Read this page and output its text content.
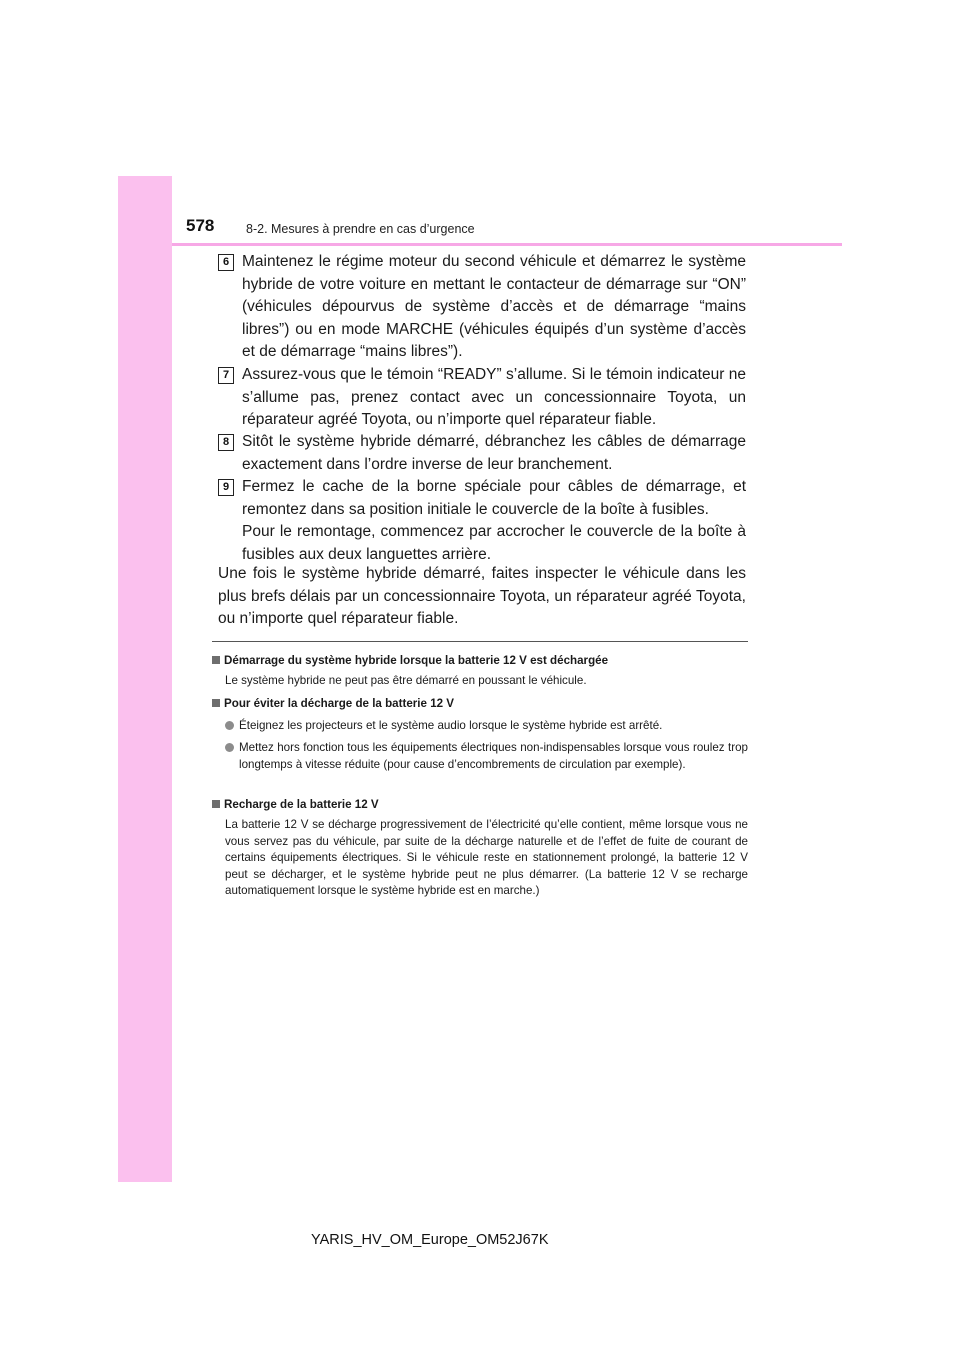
578	8-2. Mesures à prendre en cas d’urgence
6 Maintenez le régime moteur du second véhicule et démarrez le système hybride de votre voiture en mettant le contacteur de démarrage sur “ON” (véhicules dépourvus de système d’accès et de démarrage “mains libres”) ou en mode MARCHE (véhicules équipés d’un système d’accès et de démarrage “mains libres”).

7 Assurez-vous que le témoin “READY” s’allume. Si le témoin indicateur ne s’allume pas, prenez contact avec un concessionnaire Toyota, un réparateur agréé Toyota, ou n’importe quel réparateur fiable.

8 Sitôt le système hybride démarré, débranchez les câbles de démarrage exactement dans l’ordre inverse de leur branchement.

9 Fermez le cache de la borne spéciale pour câbles de démarrage, et remontez dans sa position initiale le couvercle de la boîte à fusibles.

Pour le remontage, commencez par accrocher le couvercle de la boîte à fusibles aux deux languettes arrière.

Une fois le système hybride démarré, faites inspecter le véhicule dans les plus brefs délais par un concessionnaire Toyota, un réparateur agréé Toyota, ou n’importe quel réparateur fiable.

Démarrage du système hybride lorsque la batterie 12 V est déchargée
Le système hybride ne peut pas être démarré en poussant le véhicule.
Pour éviter la décharge de la batterie 12 V
Éteignez les projecteurs et le système audio lorsque le système hybride est arrêté.
Mettez hors fonction tous les équipements électriques non-indispensables lorsque vous roulez trop longtemps à vitesse réduite (pour cause d’encombrements de circulation par exemple).
Recharge de la batterie 12 V
La batterie 12 V se décharge progressivement de l’électricité qu’elle contient, même lorsque vous ne vous servez pas du véhicule, par suite de la décharge naturelle et de l’effet de fuite de courant de certains équipements électriques. Si le véhicule reste en stationnement prolongé, la batterie 12 V peut se décharger, et le système hybride peut ne plus démarrer. (La batterie 12 V se recharge automatiquement lorsque le système hybride est en marche.)
YARIS_HV_OM_Europe_OM52J67K
